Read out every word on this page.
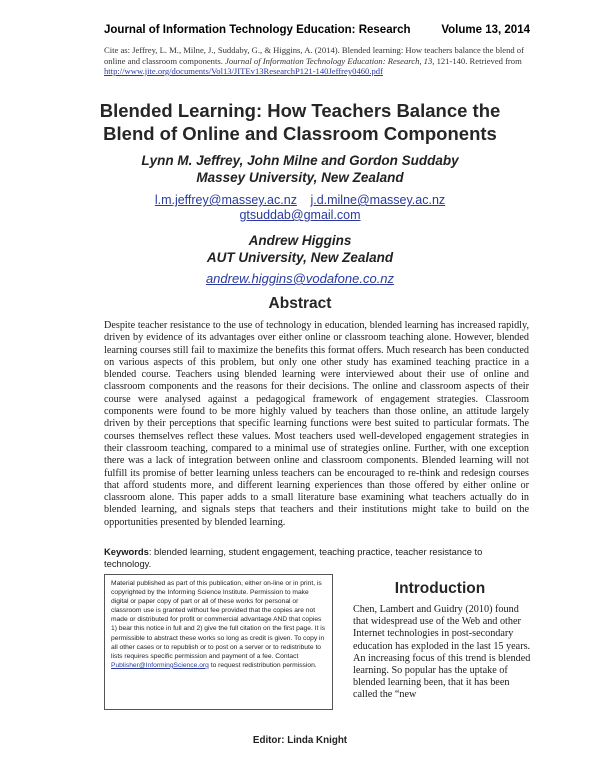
Journal of Information Technology Education: Research	Volume 13, 2014
Cite as: Jeffrey, L. M., Milne, J., Suddaby, G., & Higgins, A. (2014). Blended learning: How teachers balance the blend of online and classroom components. Journal of Information Technology Education: Research, 13, 121-140. Retrieved from http://www.jite.org/documents/Vol13/JITEv13ResearchP121-140Jeffrey0460.pdf
Blended Learning: How Teachers Balance the
Blend of Online and Classroom Components
Lynn M. Jeffrey, John Milne and Gordon Suddaby
Massey University, New Zealand
l.m.jeffrey@massey.ac.nz j.d.milne@massey.ac.nz
gtsuddab@gmail.com
Andrew Higgins
AUT University, New Zealand
andrew.higgins@vodafone.co.nz
Abstract
Despite teacher resistance to the use of technology in education, blended learning has increased rapidly, driven by evidence of its advantages over either online or classroom teaching alone. However, blended learning courses still fail to maximize the benefits this format offers. Much research has been conducted on various aspects of this problem, but only one other study has examined teaching practice in a blended course. Teachers using blended learning were interviewed about their use of online and classroom components and the reasons for their decisions. The online and classroom aspects of their course were analysed against a pedagogical framework of engagement strategies. Classroom components were found to be more highly valued by teachers than those online, an attitude largely driven by their perceptions that specific learning functions were best suited to particular formats. The courses themselves reflect these values. Most teachers used well-developed engagement strategies in their classroom teaching, compared to a minimal use of strategies online. Further, with one exception there was a lack of integration between online and classroom components. Blended learning will not fulfill its promise of better learning unless teachers can be encouraged to re-think and redesign courses that afford students more, and different learning experiences than those offered by either online or classroom alone. This paper adds to a small literature base examining what teachers actually do in blended learning, and signals steps that teachers and their institutions might take to build on the opportunities presented by blended learning.
Keywords: blended learning, student engagement, teaching practice, teacher resistance to technology.
Material published as part of this publication, either on-line or in print, is copyrighted by the Informing Science Institute. Permission to make digital or paper copy of part or all of these works for personal or classroom use is granted without fee provided that the copies are not made or distributed for profit or commercial advantage AND that copies 1) bear this notice in full and 2) give the full citation on the first page. It is permissible to abstract these works so long as credit is given. To copy in all other cases or to republish or to post on a server or to redistribute to lists requires specific permission and payment of a fee. Contact Publisher@InformingScience.org to request redistribution permission.
Introduction
Chen, Lambert and Guidry (2010) found that widespread use of the Web and other Internet technologies in post-secondary education has exploded in the last 15 years. An increasing focus of this trend is blended learning. So popular has the uptake of blended learning been, that it has been called the “new
Editor: Linda Knight
